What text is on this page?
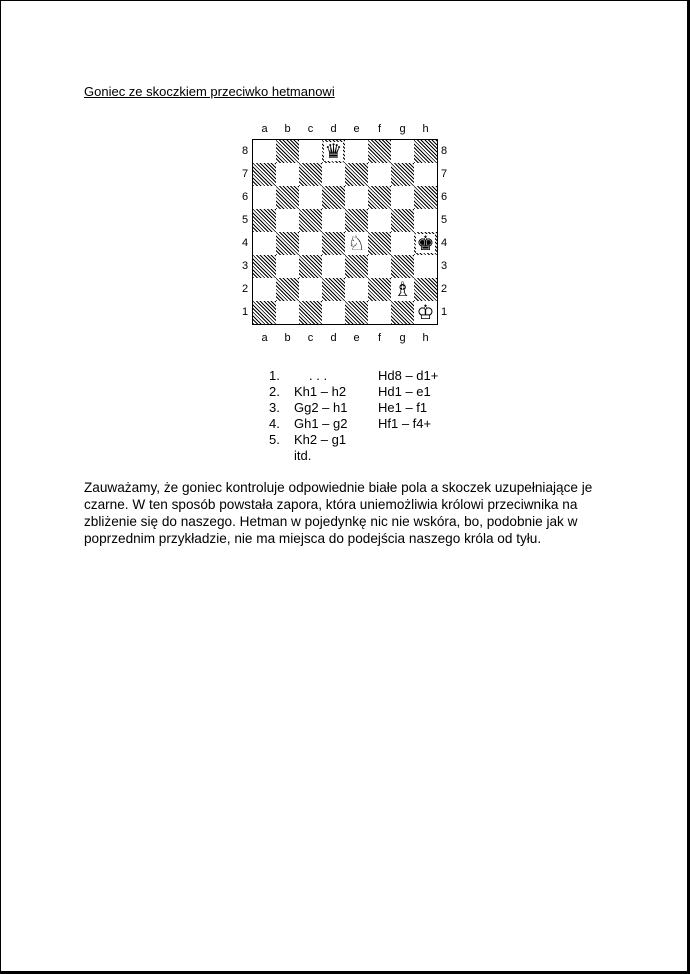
Goniec ze skoczkiem przeciwko hetmanowi
a	b	c	d	e	f	g	h
a	b	c	d	e	f	g	h
8
7
6
5
4
3
2
1
8
7
6
5
4
3
2
1
♛
♘	♚
♗
♔
1.	. . .	Hd8 – d1+
2.	Kh1 – h2	Hd1 – e1
3.	Gg2 – h1	He1 – f1
4.	Gh1 – g2	Hf1 – f4+
5.	Kh2 – g1
itd.
Zauważamy, że goniec kontroluje odpowiednie białe pola a skoczek uzupełniające je czarne. W ten sposób powstała zapora, która uniemożliwia królowi przeciwnika na zbliżenie się do naszego. Hetman w pojedynkę nic nie wskóra, bo, podobnie jak w poprzednim przykładzie, nie ma miejsca do podejścia naszego króla od tyłu.
